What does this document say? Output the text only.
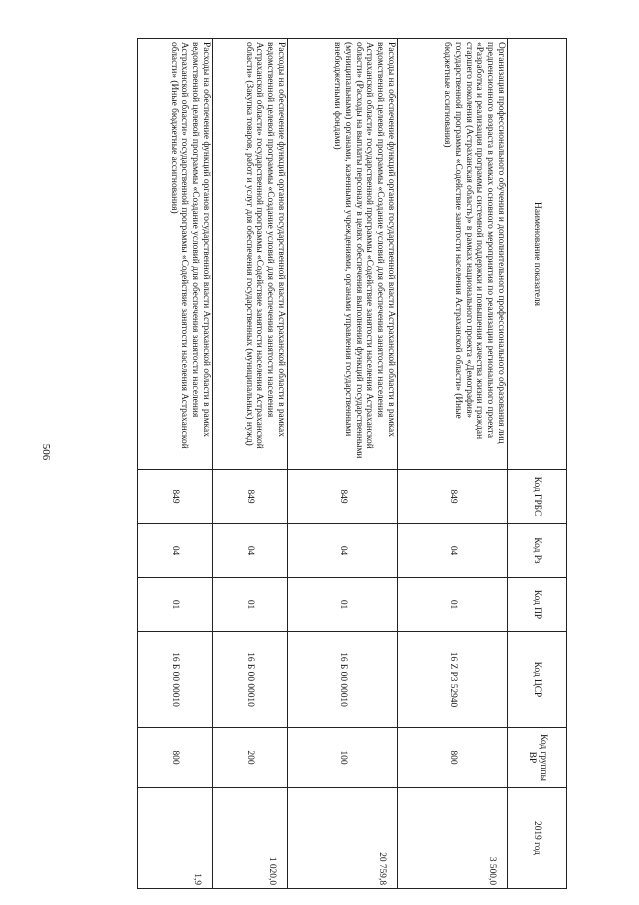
506
Наименование показателя	Код ГРБС	Код Рз	Код ПР	Код ЦСР	Код группы ВР	2019 год
Организация профессионального обучения и дополнительного профессионального образования лиц предпенсионного возраста в рамках основного мероприятия по реализации регионального проекта «Разработка и реализация программы системной поддержки и повышения качества жизни граждан старшего поколения (Астраханская область)» в рамках национального проекта «Демография» государственной программы «Содействие занятости населения Астраханской области» (Иные бюджетные ассигнования)	849	04	01	16 Z P3 52940	800	3 500,0
Расходы на обеспечение функций органов государственной власти Астраханской области в рамках ведомственной целевой программы «Создание условий для обеспечения занятости населения Астраханской области» государственной программы «Содействие занятости населения Астраханской области» (Расходы на выплаты персоналу в целях обеспечения выполнения функций государственными (муниципальными) органами, казенными учреждениями, органами управления государственными внебюджетными фондами)	849	04	01	16 Б 00 00010	100	20 759,8
Расходы на обеспечение функций органов государственной власти Астраханской области в рамках ведомственной целевой программы «Создание условий для обеспечения занятости населения Астраханской области» государственной программы «Содействие занятости населения Астраханской области» (Закупка товаров, работ и услуг для обеспечения государственных (муниципальных) нужд)	849	04	01	16 Б 00 00010	200	1 020,0
Расходы на обеспечение функций органов государственной власти Астраханской области в рамках ведомственной целевой программы «Создание условий для обеспечения занятости населения Астраханской области» государственной программы «Содействие занятости населения Астраханской области» (Иные бюджетные ассигнования)	849	04	01	16 Б 00 00010	800	1,9
